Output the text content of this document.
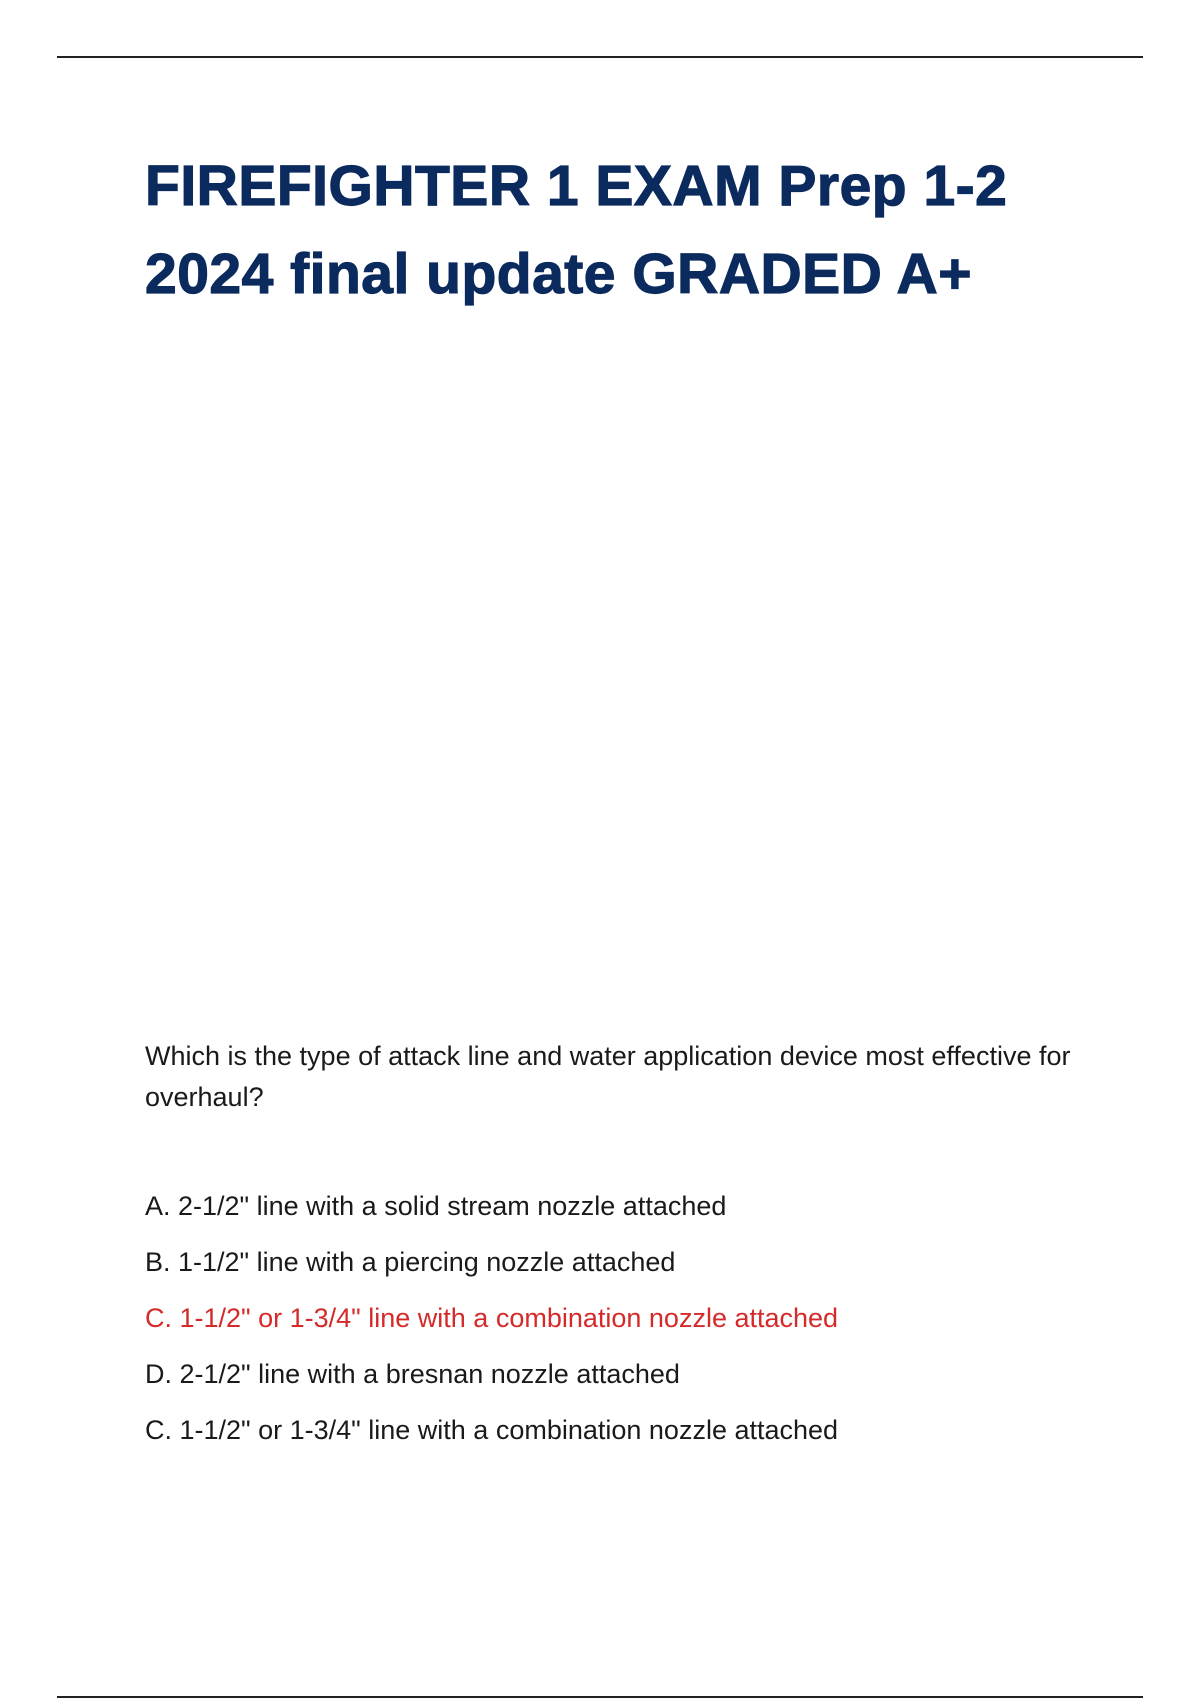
FIREFIGHTER 1 EXAM Prep 1-2 2024 final update GRADED A+

Which is the type of attack line and water application device most effective for overhaul?

A. 2-1/2" line with a solid stream nozzle attached
B. 1-1/2" line with a piercing nozzle attached
C. 1-1/2" or 1-3/4" line with a combination nozzle attached
D. 2-1/2" line with a bresnan nozzle attached
C. 1-1/2" or 1-3/4" line with a combination nozzle attached
